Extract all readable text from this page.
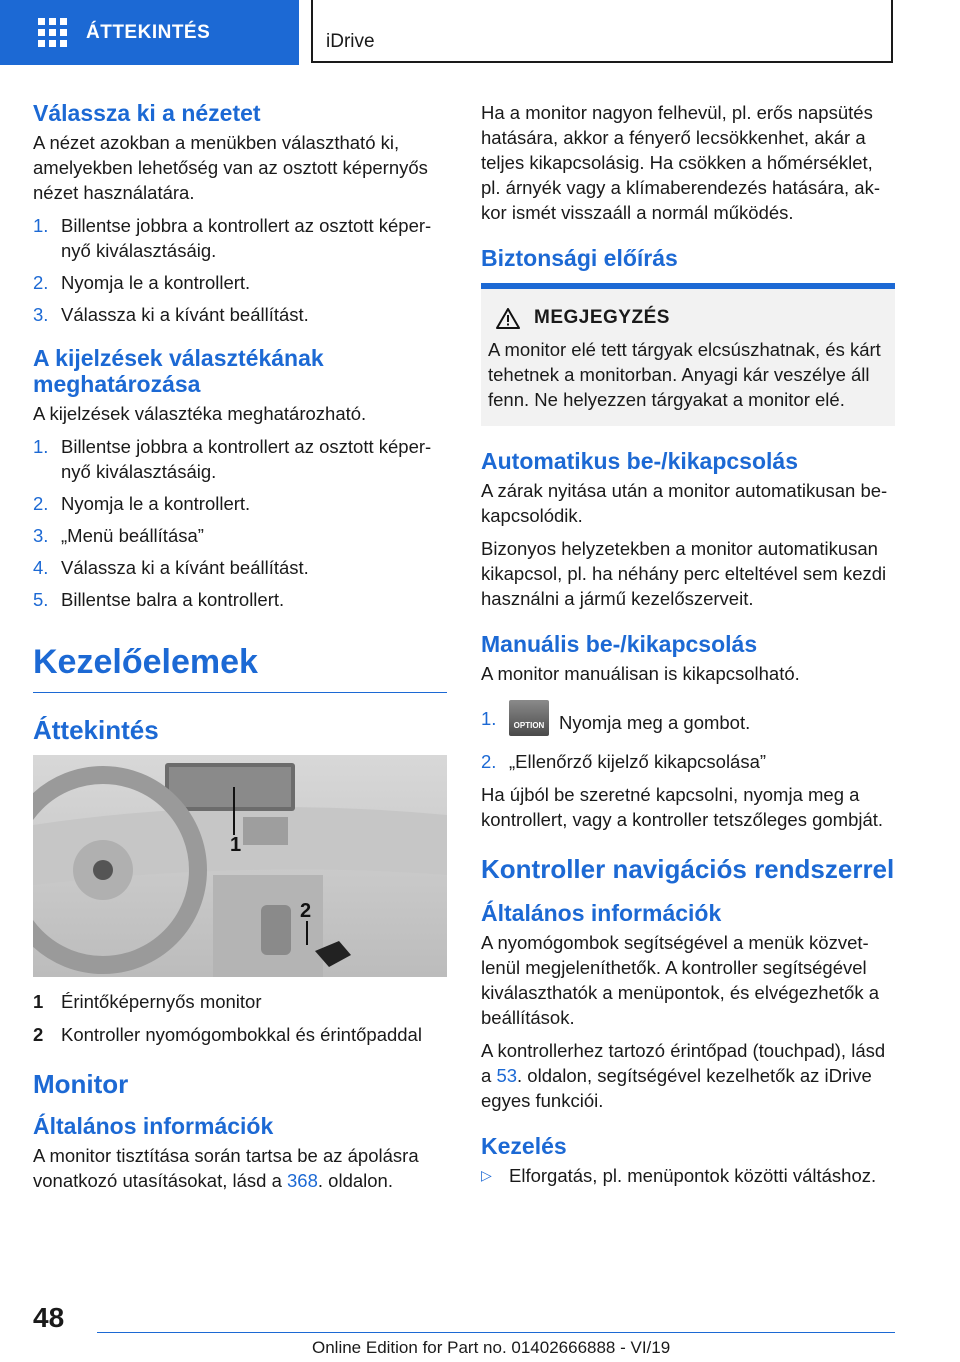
ÁTTEKINTÉS	iDrive
Válassza ki a nézetet

A nézet azokban a menükben választható ki, amelyekben lehetőség van az osztott képernyős nézet használatára.

1. Billentse jobbra a kontrollert az osztott képer‐nyő kiválasztásáig.
2. Nyomja le a kontrollert.
3. Válassza ki a kívánt beállítást.
A kijelzések választékának meghatározása

A kijelzések választéka meghatározható.

1. Billentse jobbra a kontrollert az osztott képer‐nyő kiválasztásáig.
2. Nyomja le a kontrollert.
3. „Menü beállítása”
4. Válassza ki a kívánt beállítást.
5. Billentse balra a kontrollert.
Kezelőelemek
Áttekintés
1
2
1 Érintőképernyős monitor
2 Kontroller nyomógombokkal és érintőpaddal
Monitor
Általános információk

A monitor tisztítása során tartsa be az ápolásra vonatkozó utasításokat, lásd a 368. oldalon.

Ha a monitor nagyon felhevül, pl. erős napsütés hatására, akkor a fényerő lecsökkenhet, akár a teljes kikapcsolásig. Ha csökken a hőmérséklet, pl. árnyék vagy a klímaberendezés hatására, ak‐kor ismét visszaáll a normál működés.

Biztonsági előírás
MEGJEGYZÉS

A monitor elé tett tárgyak elcsúszhatnak, és kárt tehetnek a monitorban. Anyagi kár veszélye áll fenn. Ne helyezzen tárgyakat a monitor elé.

Automatikus be-/kikapcsolás

A zárak nyitása után a monitor automatikusan be‐kapcsolódik.

Bizonyos helyzetekben a monitor automatikusan kikapcsol, pl. ha néhány perc elteltével sem kezdi használni a jármű kezelőszerveit.

Manuális be-/kikapcsolás

A monitor manuálisan is kikapcsolható.

1.	OPTION Nyomja meg a gombot.
2. „Ellenőrző kijelző kikapcsolása”

Ha újból be szeretné kapcsolni, nyomja meg a kontrollert, vagy a kontroller tetszőleges gombját.

Kontroller navigációs rendszerrel
Általános információk

A nyomógombok segítségével a menük közvet‐lenül megjeleníthetők. A kontroller segítségével kiválaszthatók a menüpontok, és elvégezhetők a beállítások.

A kontrollerhez tartozó érintőpad (touchpad), lásd a 53. oldalon, segítségével kezelhetők az iDrive egyes funkciói.

Kezelés
▷ Elforgatás, pl. menüpontok közötti váltáshoz.
48
Online Edition for Part no. 01402666888 - VI/19
